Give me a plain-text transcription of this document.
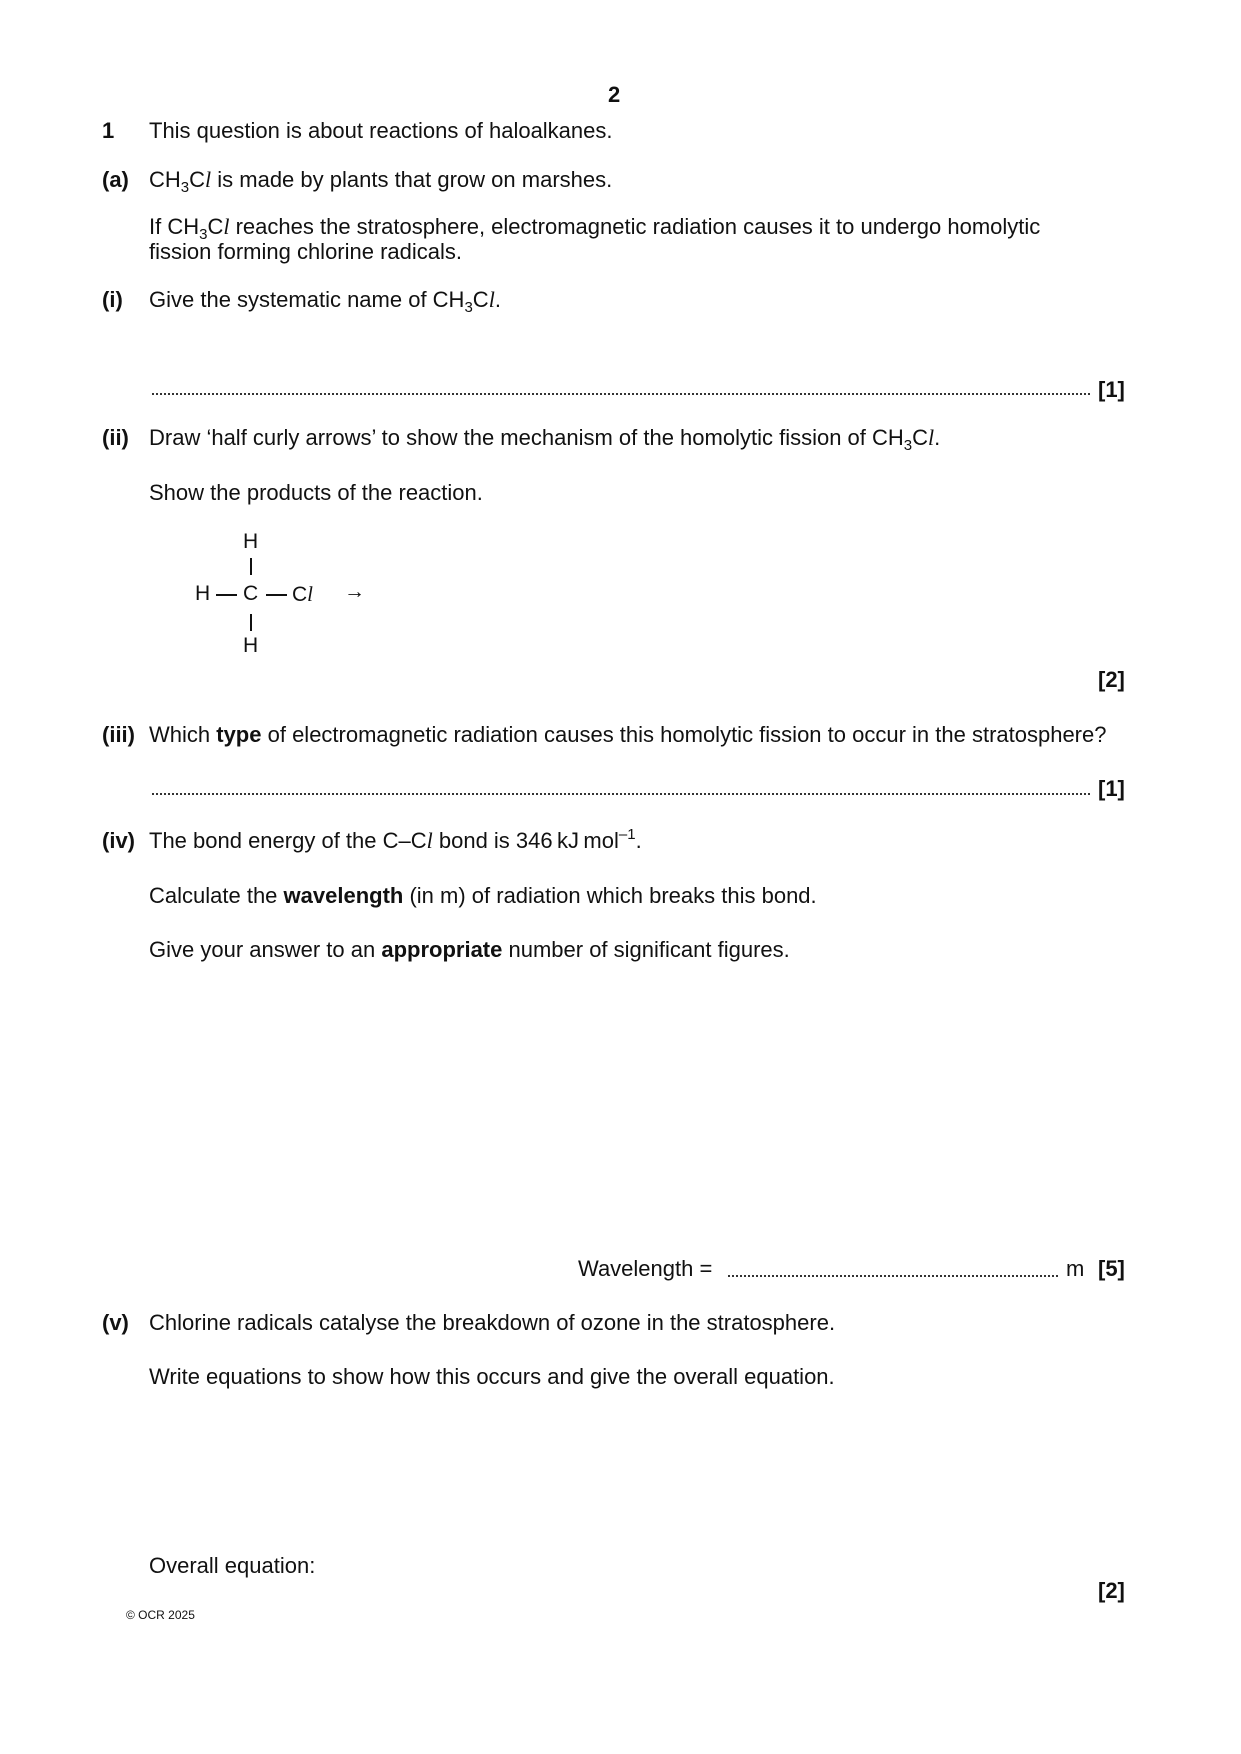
2
1 This question is about reactions of haloalkanes.
(a) $CH_3Cl$ is made by plants that grow on marshes.
If $CH_3Cl$ reaches the stratosphere, electromagnetic radiation causes it to undergo homolytic
fission forming chlorine radicals.
(i) Give the systematic name of $CH_3Cl$.
[1]
(ii) Draw ‘half curly arrows’ to show the mechanism of the homolytic fission of $CH_3Cl$.
Show the products of the reaction.
H
H C Cl →
H
[2]
(iii) Which type of electromagnetic radiation causes this homolytic fission to occur in the stratosphere?
[1]
(iv) The bond energy of the C–Cl bond is 346 kJ mol$^{-1}$.
Calculate the wavelength (in m) of radiation which breaks this bond.
Give your answer to an appropriate number of significant figures.
Wavelength =	m [5]
(v) Chlorine radicals catalyse the breakdown of ozone in the stratosphere.
Write equations to show how this occurs and give the overall equation.
Overall equation:
[2]
© OCR 2025
